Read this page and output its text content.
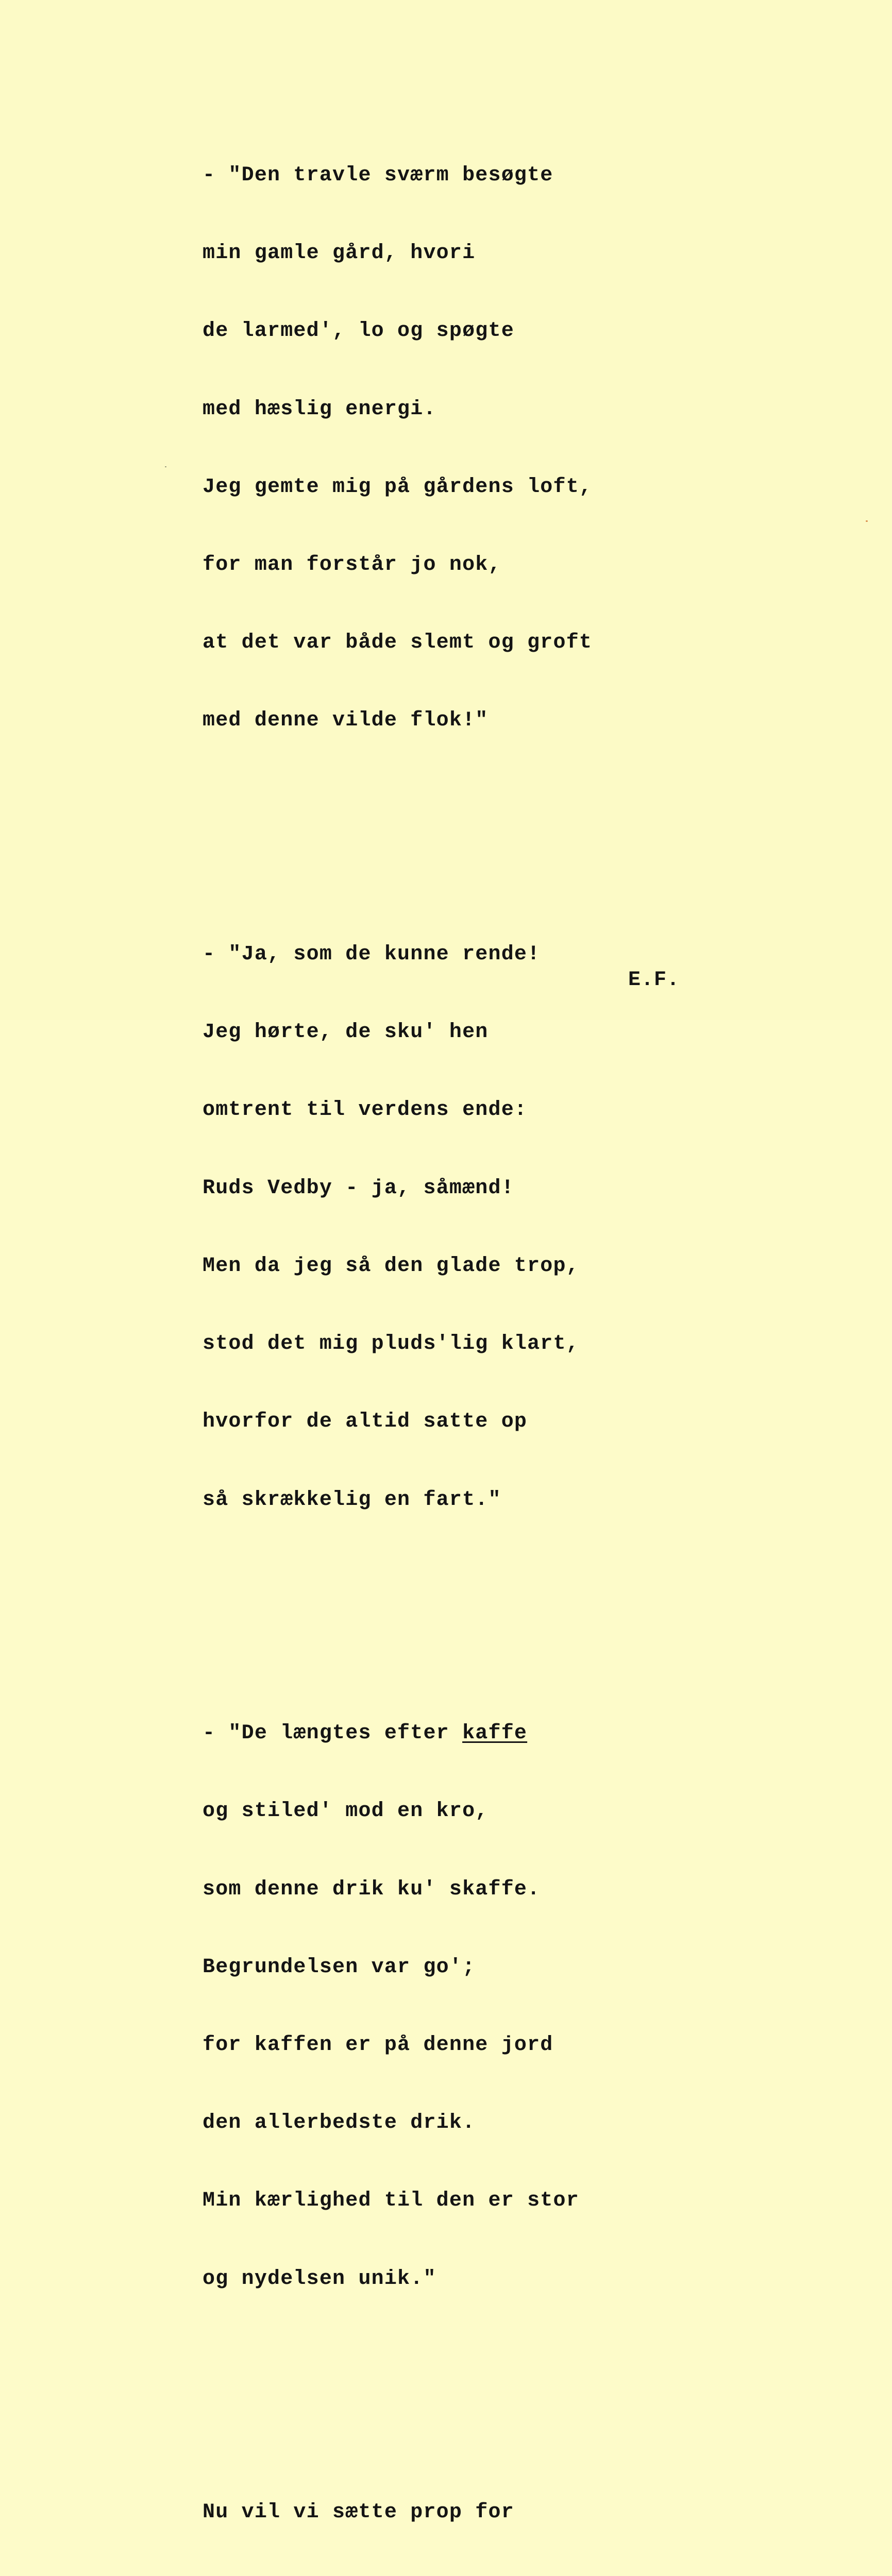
- "Den travle sværm besøgte

min gamle gård, hvori

de larmed', lo og spøgte

med hæslig energi.

Jeg gemte mig på gårdens loft,

for man forstår jo nok,

at det var både slemt og groft

med denne vilde flok!"

- "Ja, som de kunne rende!

Jeg hørte, de sku' hen

omtrent til verdens ende:

Ruds Vedby - ja, såmænd!

Men da jeg så den glade trop,

stod det mig pluds'lig klart,

hvorfor de altid satte op

så skrækkelig en fart."

- "De længtes efter kaffe

og stiled' mod en kro,

som denne drik ku' skaffe.

Begrundelsen var go';

for kaffen er på denne jord

den allerbedste drik.

Min kærlighed til den er stor

og nydelsen unik."

Nu vil vi sætte prop for

E.F.
